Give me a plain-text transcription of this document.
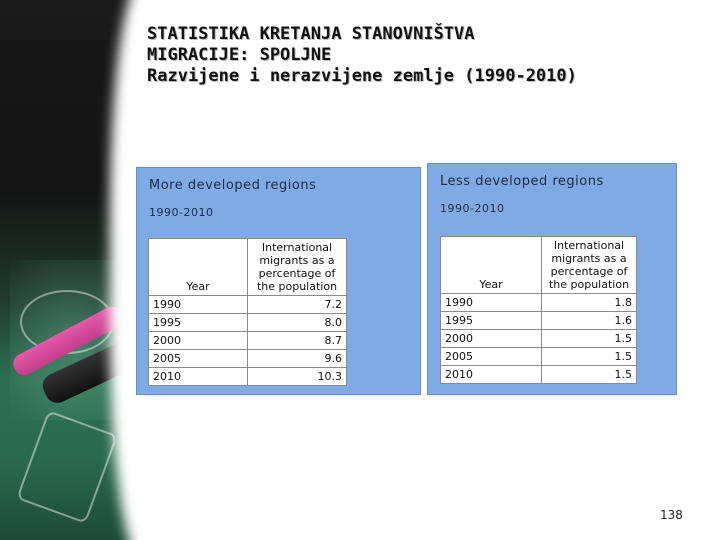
STATISTIKA KRETANJA STANOVNIŠTVA
MIGRACIJE: SPOLJNE
Razvijene i nerazvijene zemlje (1990-2010)
More developed regions
1990-2010
Year	International migrants as a percentage of the population
1990	7.2
1995	8.0
2000	8.7
2005	9.6
2010	10.3
Less developed regions
1990-2010
Year	International migrants as a percentage of the population
1990	1.8
1995	1.6
2000	1.5
2005	1.5
2010	1.5
138
